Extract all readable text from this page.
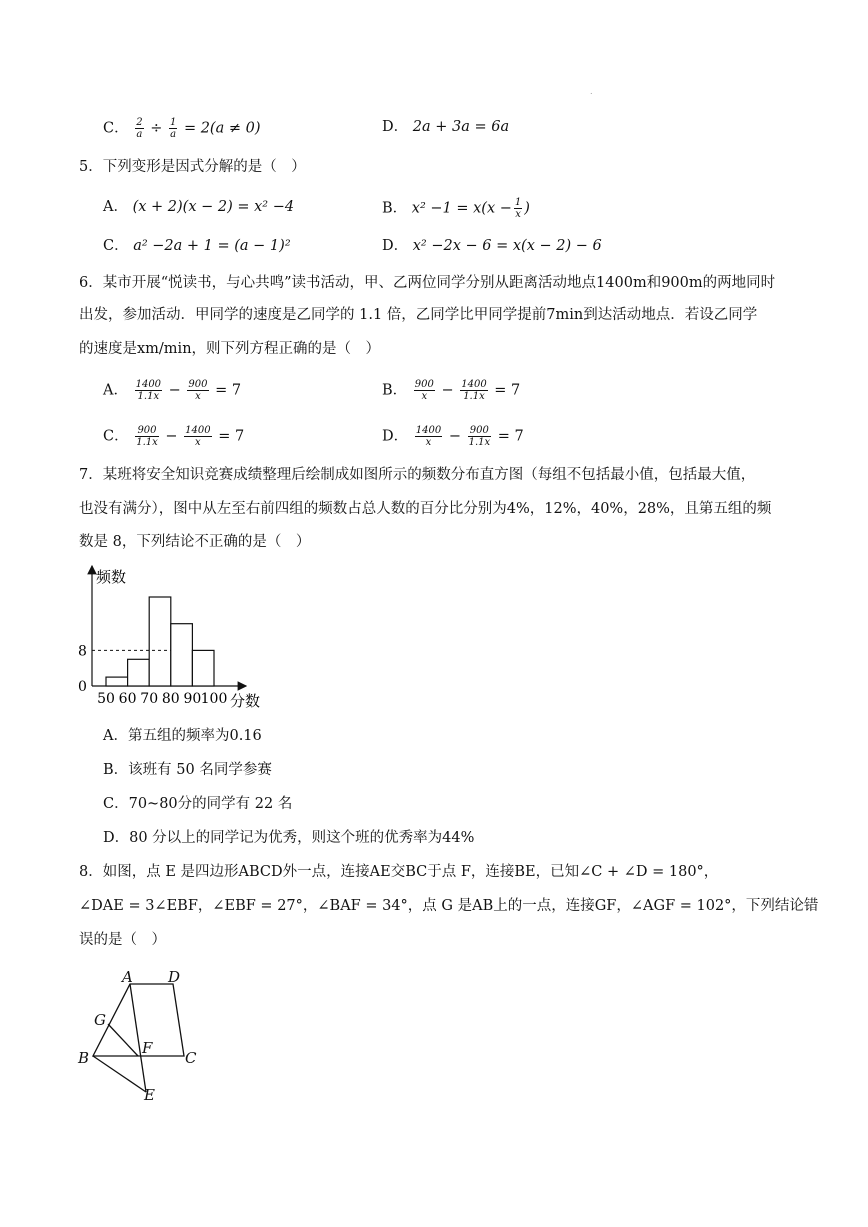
.
C． $\frac{2}{a} \div \frac{1}{a} = 2(a \ne 0)$	D． 2a + 3a = 6a
5．下列变形是因式分解的是（　）
A． (x + 2)(x − 2) = x² −4	B． $x^2 -1 = x(x - \frac{1}{x}$ )
C． a² −2a + 1 = (a − 1)²	D． x² −2x − 6 = x(x − 2) − 6
6．某市开展“悦读书，与心共鸣”读书活动，甲、乙两位同学分别从距离活动地点1400m和900m的两地同时
出发，参加活动．甲同学的速度是乙同学的 1.1 倍，乙同学比甲同学提前7min到达活动地点．若设乙同学
的速度是xm/min，则下列方程正确的是（　）
A． $\frac{1400}{1.1x} - \frac{900}{x} = 7$	B． $\frac{900}{x} - \frac{1400}{1.1x} = 7$
C． $\frac{900}{1.1x} - \frac{1400}{x} = 7$	D． $\frac{1400}{x} - \frac{900}{1.1x} = 7$
7．某班将安全知识竞赛成绩整理后绘制成如图所示的频数分布直方图（每组不包括最小值，包括最大值，
也没有满分），图中从左至右前四组的频数占总人数的百分比分别为4%，12%，40%，28%，且第五组的频
数是 8，下列结论不正确的是（　）
频数
分数
50 60 70 80 90 100
0
8
A．第五组的频率为0.16
B．该班有 50 名同学参赛
C．70~80分的同学有 22 名
D．80 分以上的同学记为优秀，则这个班的优秀率为44%
8．如图，点 E 是四边形ABCD外一点，连接AE交BC于点 F，连接BE，已知∠C + ∠D = 180°，
∠DAE = 3∠EBF，∠EBF = 27°，∠BAF = 34°，点 G 是AB上的一点，连接GF，∠AGF = 102°，下列结论错
误的是（　）
A D
G
F
B	C
E
